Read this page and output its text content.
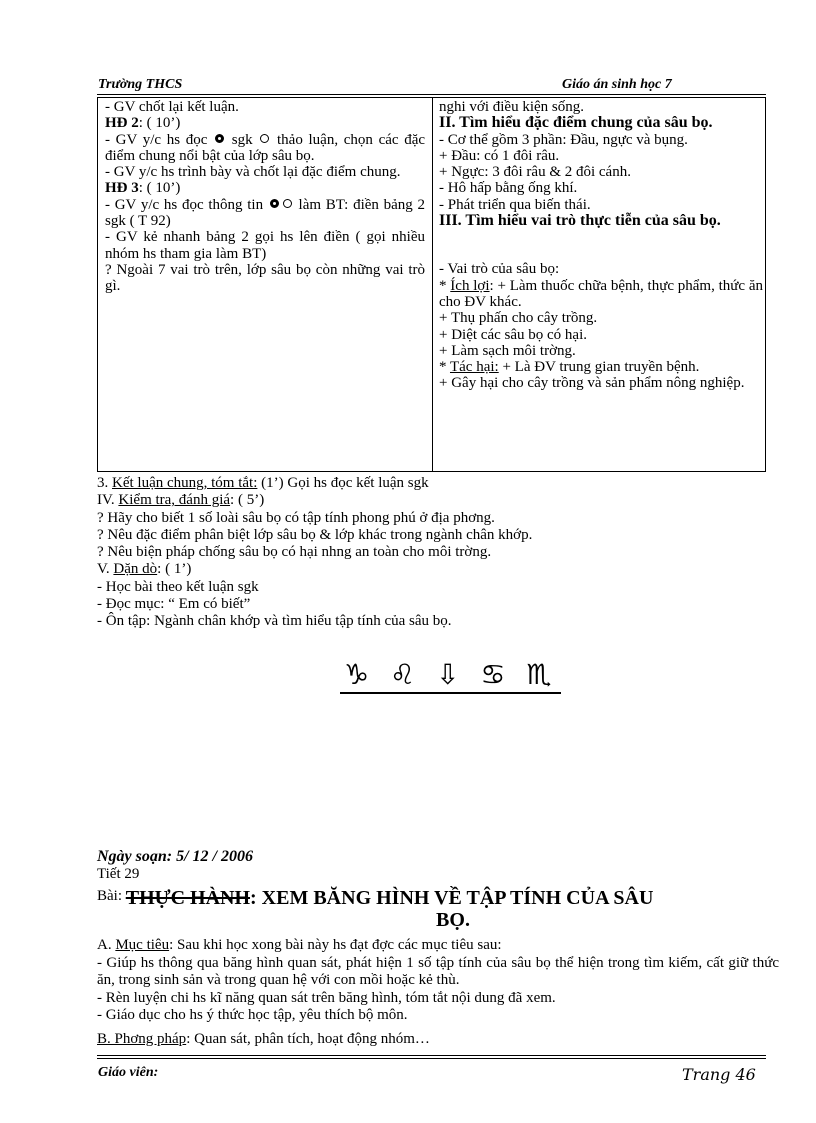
Trường THCS	Giáo án sinh học 7

- GV chốt lại kết luận.

HĐ 2: ( 10’)

- GV y/c hs đọc sgk thảo luận, chọn các đặc điểm chung nổi bật của lớp sâu bọ.

- GV y/c hs trình bày và chốt lại đặc điểm chung.

HĐ 3: ( 10’)

- GV y/c hs đọc thông tin làm BT: điền bảng 2 sgk ( T 92)

- GV kẻ nhanh bảng 2 gọi hs lên điền ( gọi nhiều nhóm hs tham gia làm BT)

? Ngoài 7 vai trò trên, lớp sâu bọ còn những vai trò gì.

nghi với điều kiện sống.

II. Tìm hiểu đặc điểm chung của sâu bọ.

- Cơ thể gồm 3 phần: Đầu, ngực và bụng.

+ Đầu: có 1 đôi râu.

+ Ngực: 3 đôi râu & 2 đôi cánh.

- Hô hấp bằng ống khí.

- Phát triển qua biến thái.

III. Tìm hiểu vai trò thực tiễn của sâu bọ.

- Vai trò của sâu bọ:

* Ích lợi: + Làm thuốc chữa bệnh, thực phẩm, thức ăn cho ĐV khác.

+ Thụ phấn cho cây trồng.

+ Diệt các sâu bọ có hại.

+ Làm sạch môi trờng.

* Tác hại: + Là ĐV trung gian truyền bệnh.

+ Gây hại cho cây trồng và sản phẩm nông nghiệp.

3. Kết luận chung, tóm tắt: (1’) Gọi hs đọc kết luận sgk

IV. Kiểm tra, đánh giá: ( 5’)

? Hãy cho biết 1 số loài sâu bọ có tập tính phong phú ở địa phơng.

? Nêu đặc điểm phân biệt lớp sâu bọ & lớp khác trong ngành chân khớp.

? Nêu biện pháp chống sâu bọ có hại nhng an toàn cho môi trờng.

V. Dặn dò: ( 1’)

- Học bài theo kết luận sgk

- Đọc mục: “ Em có biết”

- Ôn tập: Ngành chân khớp và tìm hiểu tập tính của sâu bọ.

♑ ♌ ⇩ ♋ ♏

Ngày soạn: 5/ 12 / 2006

Tiết 29

$^{Bài:}$ THỰC HÀNH: XEM BĂNG HÌNH VỀ TẬP TÍNH CỦA SÂU

BỌ.

A. Mục tiêu: Sau khi học xong bài này hs đạt đợc các mục tiêu sau:

- Giúp hs thông qua băng hình quan sát, phát hiện 1 số tập tính của sâu bọ thể hiện trong tìm kiếm, cất giữ thức ăn, trong sinh sản và trong quan hệ với con mồi hoặc kẻ thù.

- Rèn luyện chi hs kĩ năng quan sát trên băng hình, tóm tắt nội dung đã xem.

- Giáo dục cho hs ý thức học tập, yêu thích bộ môn.

B. Phơng pháp: Quan sát, phân tích, hoạt động nhóm…

Giáo viên:	Trang 46
